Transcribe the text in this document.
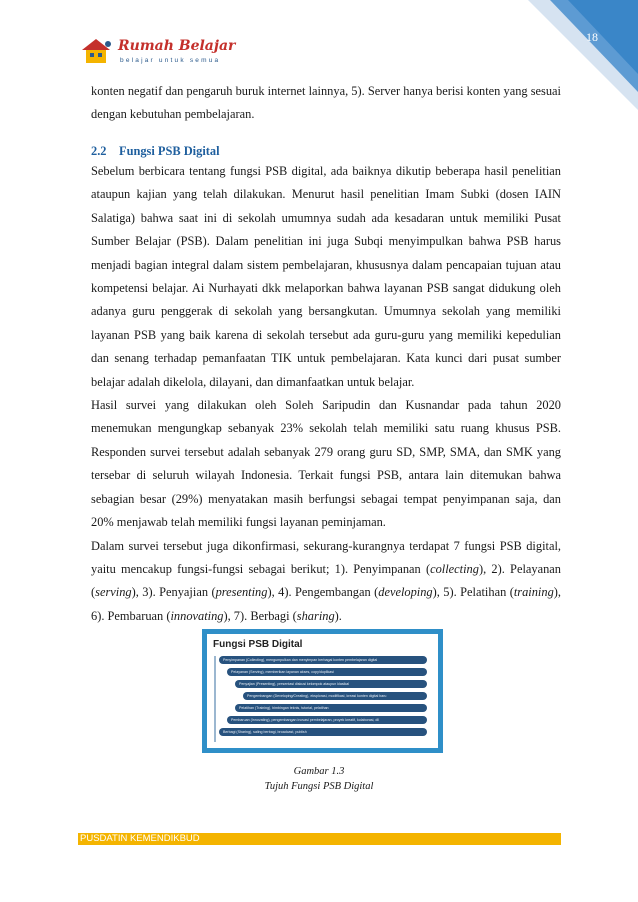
18
Rumah Belajar
belajar untuk semua

konten negatif dan pengaruh buruk internet lainnya, 5). Server hanya berisi konten yang sesuai dengan kebutuhan pembelajaran.

2.2 Fungsi PSB Digital

Sebelum berbicara tentang fungsi PSB digital, ada baiknya dikutip beberapa hasil penelitian ataupun kajian yang telah dilakukan. Menurut hasil penelitian Imam Subki (dosen IAIN Salatiga) bahwa saat ini di sekolah umumnya sudah ada kesadaran untuk memiliki Pusat Sumber Belajar (PSB). Dalam penelitian ini juga Subqi menyimpulkan bahwa PSB harus menjadi bagian integral dalam sistem pembelajaran, khususnya dalam pencapaian tujuan atau kompetensi belajar. Ai Nurhayati dkk melaporkan bahwa layanan PSB sangat didukung oleh adanya guru penggerak di sekolah yang bersangkutan. Umumnya sekolah yang memiliki layanan PSB yang baik karena di sekolah tersebut ada guru-guru yang memiliki kepedulian dan senang terhadap pemanfaatan TIK untuk pembelajaran. Kata kunci dari pusat sumber belajar adalah dikelola, dilayani, dan dimanfaatkan untuk belajar.

Hasil survei yang dilakukan oleh Soleh Saripudin dan Kusnandar pada tahun 2020 menemukan mengungkap sebanyak 23% sekolah telah memiliki satu ruang khusus PSB. Responden survei tersebut adalah sebanyak 279 orang guru SD, SMP, SMA, dan SMK yang tersebar di seluruh wilayah Indonesia. Terkait fungsi PSB, antara lain ditemukan bahwa sebagian besar (29%) menyatakan masih berfungsi sebagai tempat penyimpanan saja, dan 20% menjawab telah memiliki fungsi layanan peminjaman.

Dalam survei tersebut juga dikonfirmasi, sekurang-kurangnya terdapat 7 fungsi PSB digital, yaitu mencakup fungsi-fungsi sebagai berikut; 1). Penyimpanan (collecting), 2). Pelayanan (serving), 3). Penyajian (presenting), 4). Pengembangan (developing), 5). Pelatihan (training), 6). Pembaruan (innovating), 7). Berbagi (sharing).

Fungsi PSB Digital
Penyimpanan (Collecting), mengumpulkan dan menyimpan berbagai konten pembelajaran digital
Pelayanan (Serving), memberikan layanan akses, copy/duplikasi
Penyajian (Presenting), presentasi diskusi kelompok ataupun klasikal
Pengembangan (Developing/Creating), eksplorasi, modifikasi, kreasi konten digital baru
Pelatihan (Training), bimbingan teknis, tutorial, pelatihan
Pembaruan (Innovating), pengembangan inovasi pembelajaran, proyek kreatif, kolaborasi, dll
Berbagi (Sharing), saling berbagi, broadcast, publish
Gambar 1.3
Tujuh Fungsi PSB Digital
PUSDATIN KEMENDIKBUD
